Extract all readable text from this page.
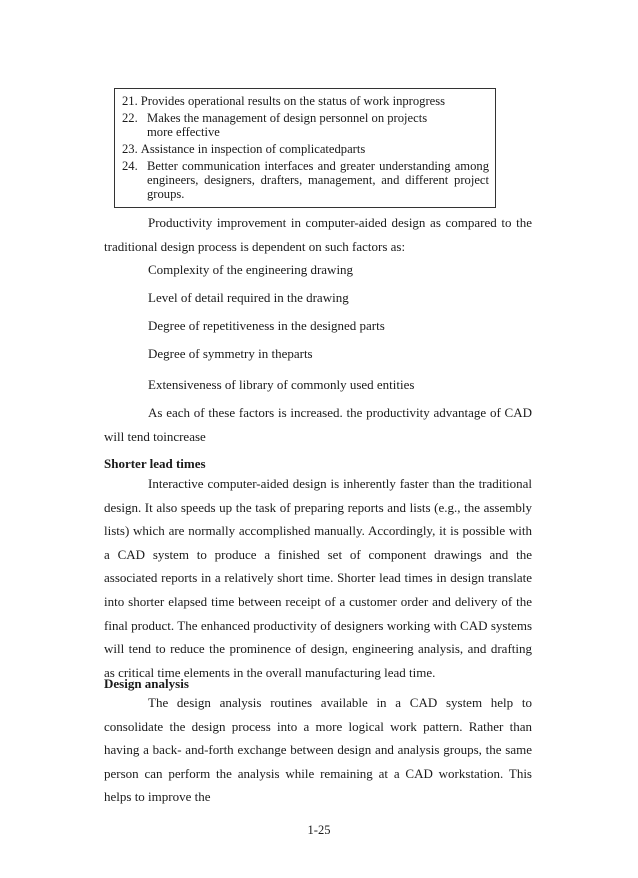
21. Provides operational results on the status of work inprogress
22. Makes the management of design personnel on projects more effective
23. Assistance in inspection of complicatedparts
24. Better communication interfaces and greater understanding among engineers, designers, drafters, management, and different project groups.

Productivity improvement in computer-aided design as compared to the traditional design process is dependent on such factors as:

Complexity of the engineering drawing

Level of detail required in the drawing

Degree of repetitiveness in the designed parts

Degree of symmetry in theparts

Extensiveness of library of commonly used entities

As each of these factors is increased. the productivity advantage of CAD will tend toincrease

Shorter lead times

Interactive computer-aided design is inherently faster than the traditional design. It also speeds up the task of preparing reports and lists (e.g., the assembly lists) which are normally accomplished manually. Accordingly, it is possible with a CAD system to produce a finished set of component drawings and the associated reports in a relatively short time. Shorter lead times in design translate into shorter elapsed time between receipt of a customer order and delivery of the final product. The enhanced productivity of designers working with CAD systems will tend to reduce the prominence of design, engineering analysis, and drafting as critical time elements in the overall manufacturing lead time.

Design analysis

The design analysis routines available in a CAD system help to consolidate the design process into a more logical work pattern. Rather than having a back- and-forth exchange between design and analysis groups, the same person can perform the analysis while remaining at a CAD workstation. This helps to improve the

1-25
